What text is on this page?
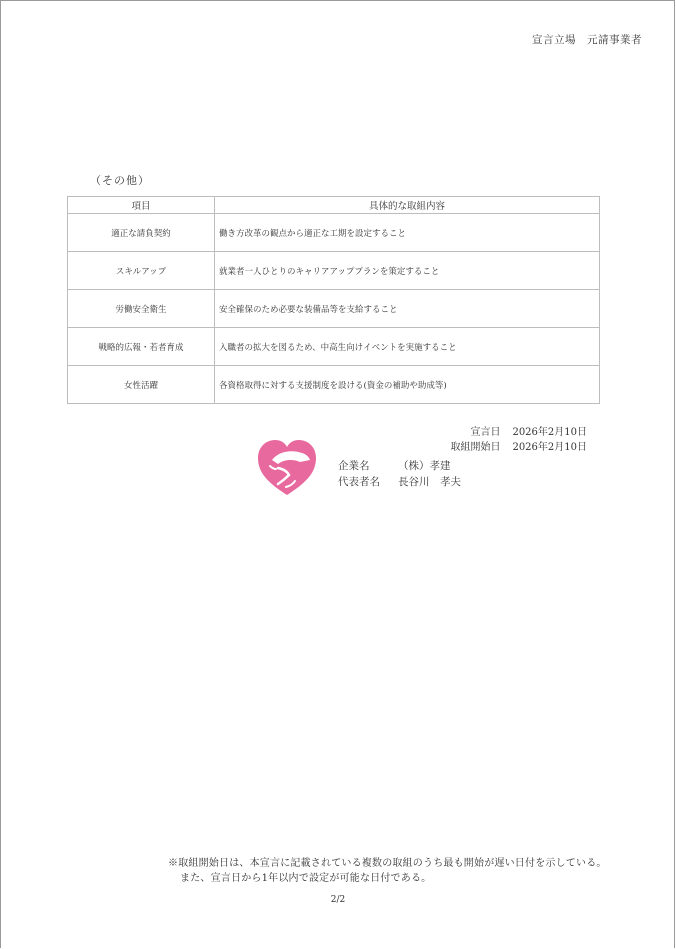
宣言立場　元請事業者
（その他）
項目	具体的な取組内容
適正な請負契約	働き方改革の観点から適正な工期を設定すること
スキルアップ	就業者一人ひとりのキャリアアッププランを策定すること
労働安全衛生	安全確保のため必要な装備品等を支給すること
戦略的広報・若者育成	入職者の拡大を図るため、中高生向けイベントを実施すること
女性活躍	各資格取得に対する支援制度を設ける(資金の補助や助成等)
宣言日 2026年2月10日
取組開始日 2026年2月10日
企業名	（株）孝建
代表者名 長谷川　孝夫
※取組開始日は、本宣言に記載されている複数の取組のうち最も開始が遅い日付を示している。
また、宣言日から1年以内で設定が可能な日付である。
2/2
